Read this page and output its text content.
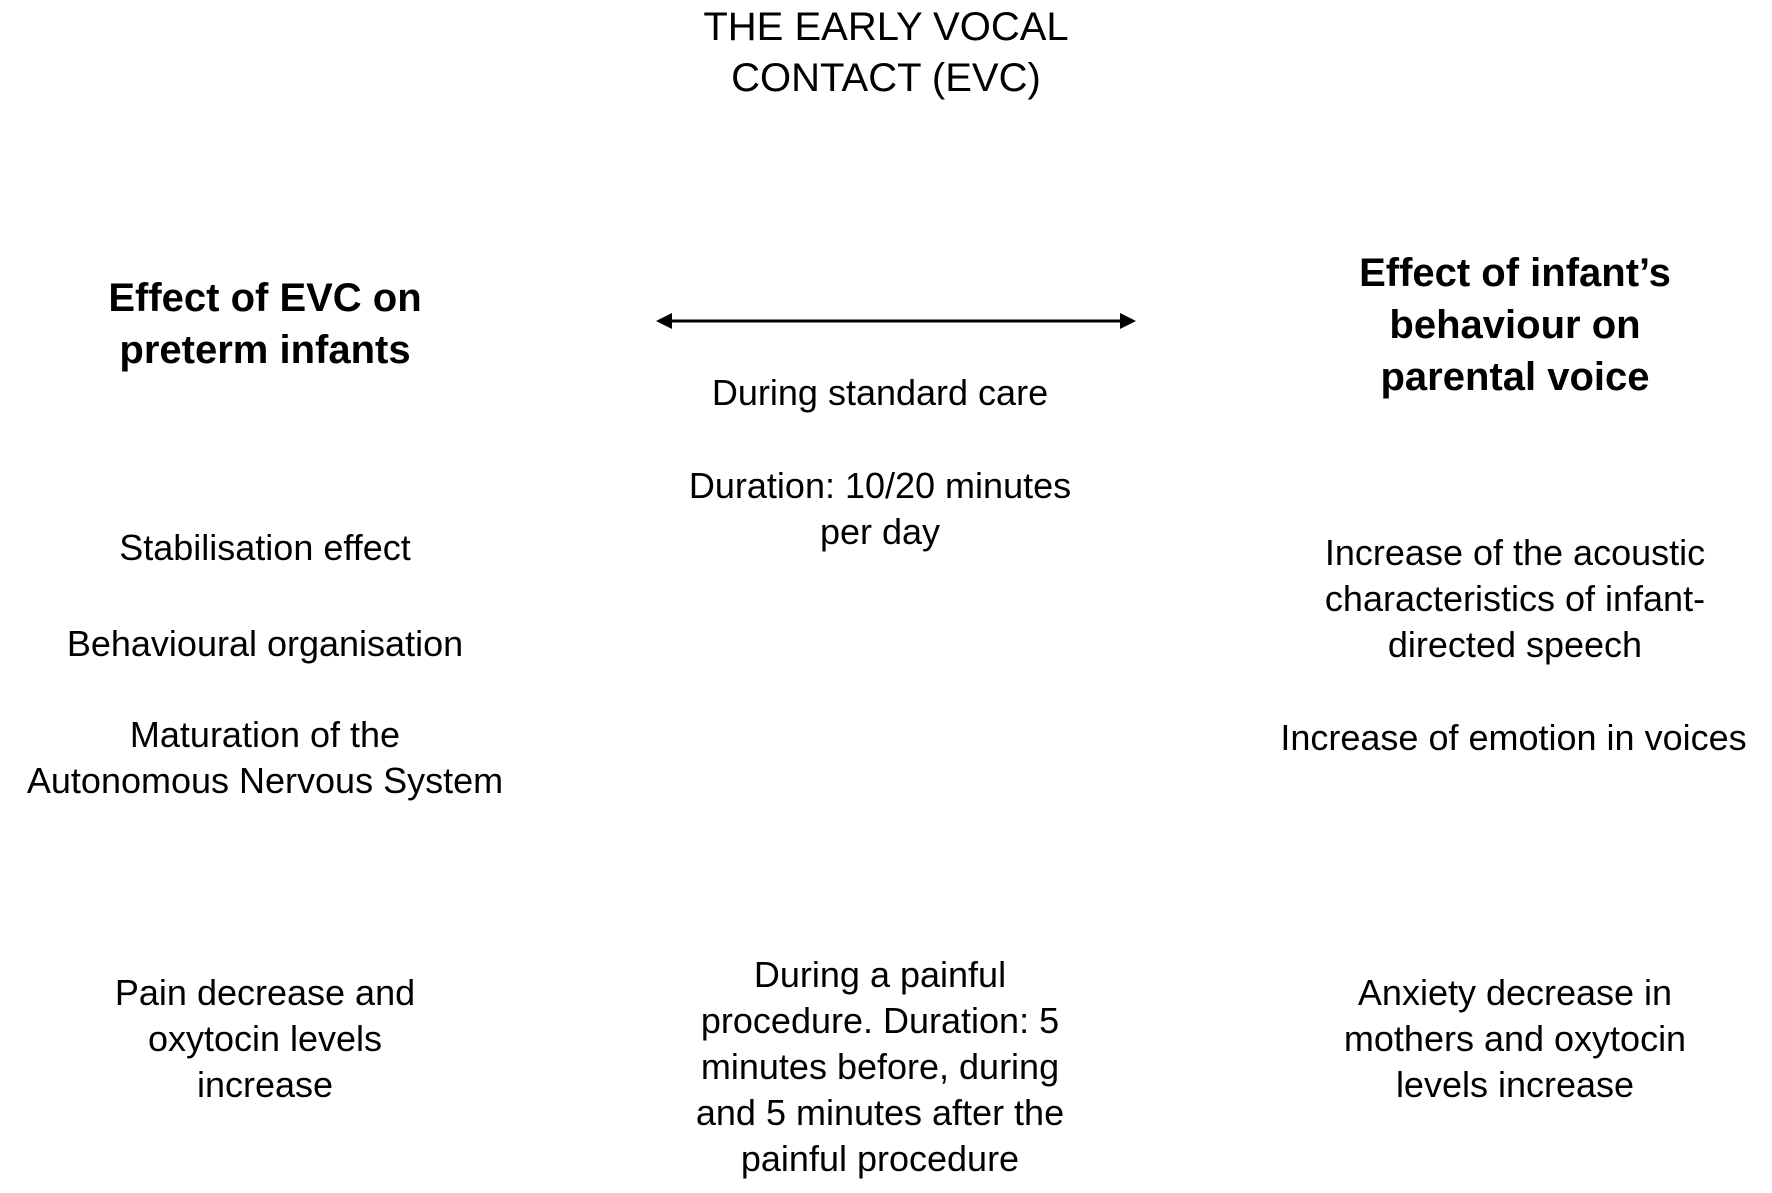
THE EARLY VOCAL
CONTACT (EVC)
Effect of EVC on
preterm infants
Effect of infant’s
behaviour on
parental voice
During standard care
Duration: 10/20 minutes
per day
Stabilisation effect
Behavioural organisation
Maturation of the
Autonomous Nervous System
Increase of the acoustic
characteristics of infant-
directed speech
Increase of emotion in voices
Pain decrease and
oxytocin levels
increase
During a painful
procedure. Duration: 5
minutes before, during
and 5 minutes after the
painful procedure
Anxiety decrease in
mothers and oxytocin
levels increase
